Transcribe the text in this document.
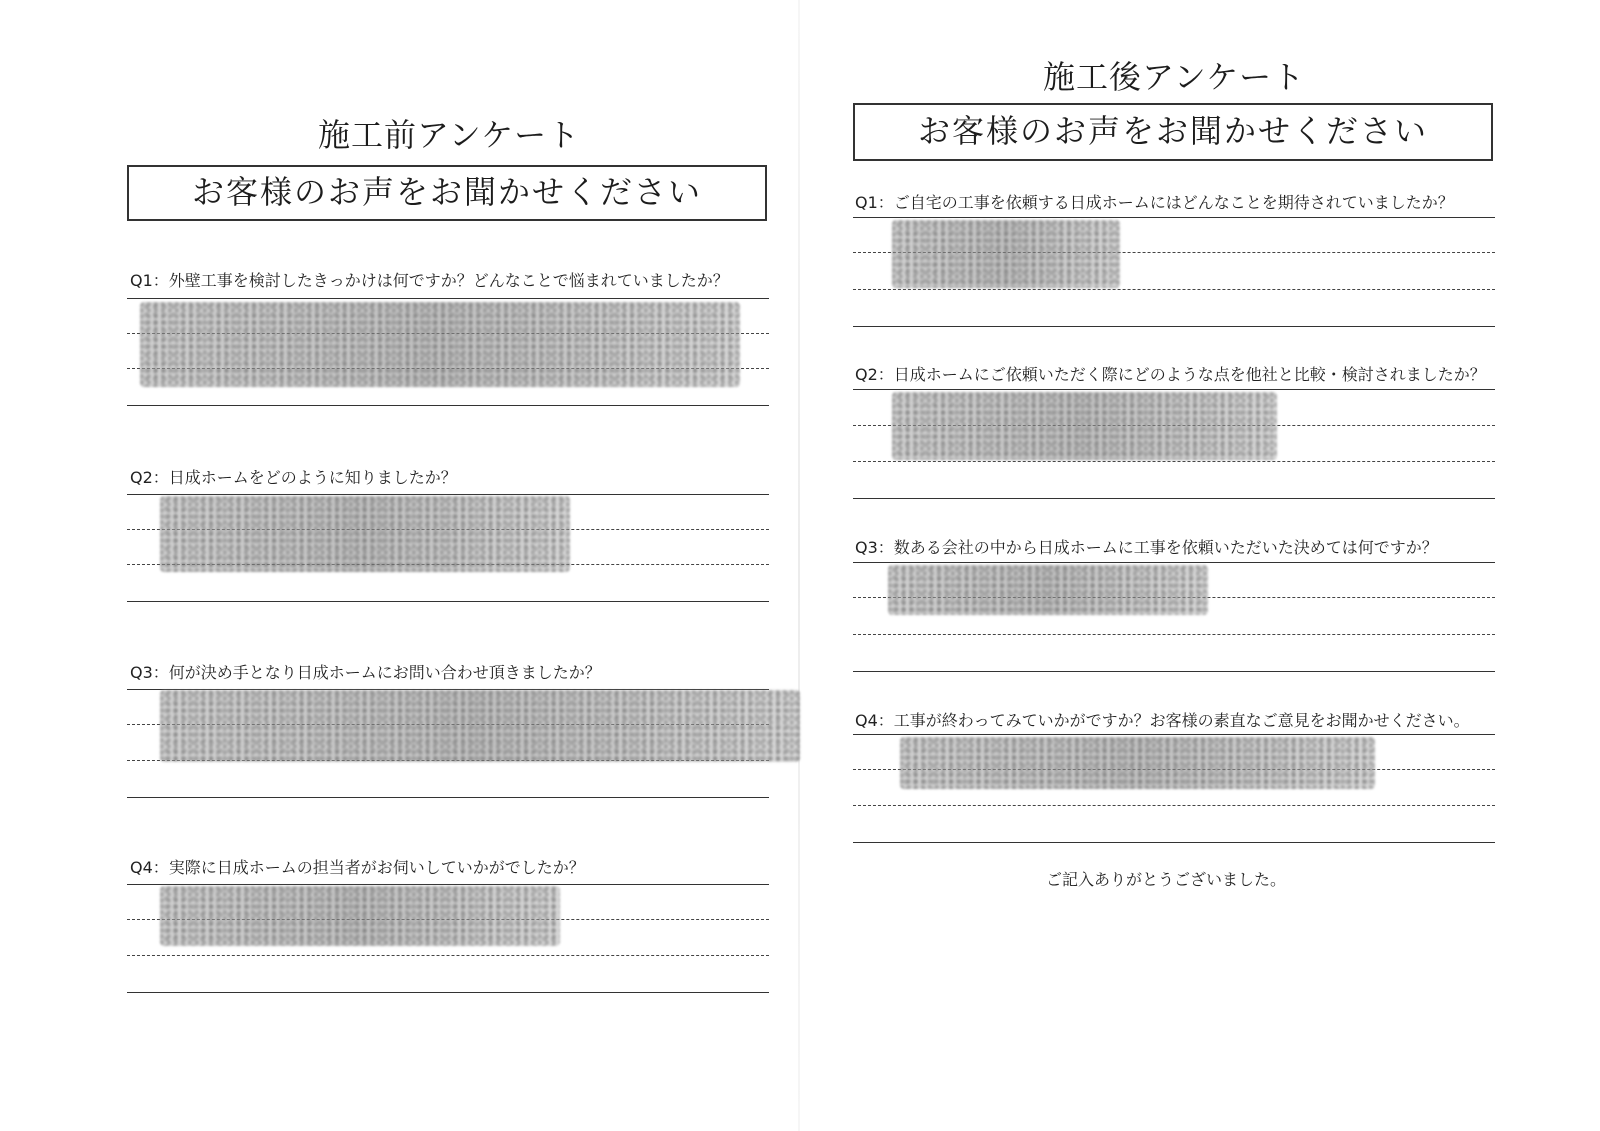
施工前アンケート
お客様のお声をお聞かせください
Q1：外壁工事を検討したきっかけは何ですか？どんなことで悩まれていましたか？
Q2：日成ホームをどのように知りましたか？
Q3：何が決め手となり日成ホームにお問い合わせ頂きましたか？
Q4：実際に日成ホームの担当者がお伺いしていかがでしたか？
施工後アンケート
お客様のお声をお聞かせください
Q1：ご自宅の工事を依頼する日成ホームにはどんなことを期待されていましたか？
Q2：日成ホームにご依頼いただく際にどのような点を他社と比較・検討されましたか？
Q3：数ある会社の中から日成ホームに工事を依頼いただいた決めては何ですか？
Q4：工事が終わってみていかがですか？お客様の素直なご意見をお聞かせください。
ご記入ありがとうございました。
